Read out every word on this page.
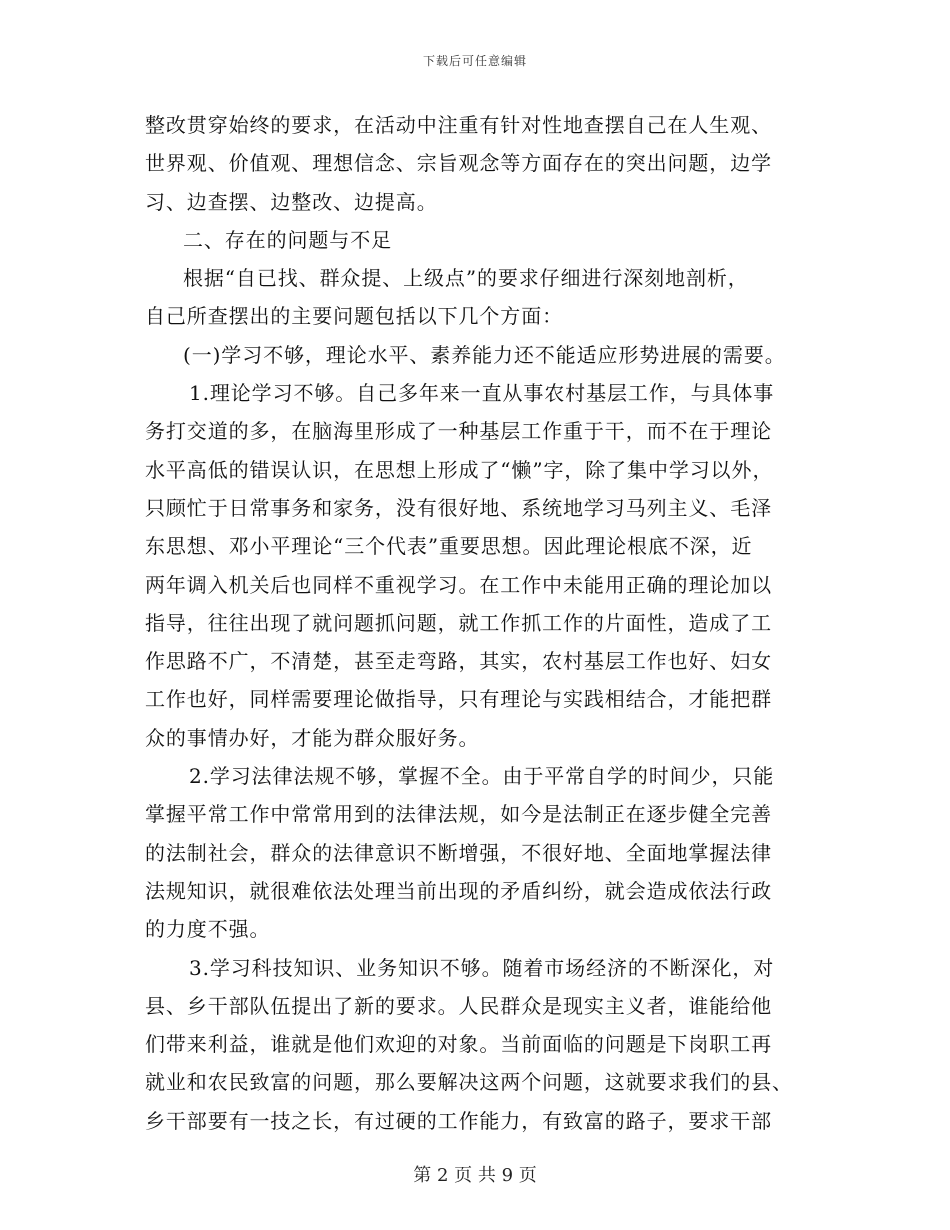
下载后可任意编辑
整改贯穿始终的要求，在活动中注重有针对性地查摆自己在人生观、
世界观、价值观、理想信念、宗旨观念等方面存在的突出问题，边学
习、边查摆、边整改、边提高。
二、存在的问题与不足
根据“自已找、群众提、上级点”的要求仔细进行深刻地剖析，
自己所查摆出的主要问题包括以下几个方面：
(一)学习不够，理论水平、素养能力还不能适应形势进展的需要。
1.理论学习不够。自己多年来一直从事农村基层工作，与具体事
务打交道的多，在脑海里形成了一种基层工作重于干，而不在于理论
水平高低的错误认识，在思想上形成了“懒”字，除了集中学习以外，
只顾忙于日常事务和家务，没有很好地、系统地学习马列主义、毛泽
东思想、邓小平理论“三个代表”重要思想。因此理论根底不深，近
两年调入机关后也同样不重视学习。在工作中未能用正确的理论加以
指导，往往出现了就问题抓问题，就工作抓工作的片面性，造成了工
作思路不广，不清楚，甚至走弯路，其实，农村基层工作也好、妇女
工作也好，同样需要理论做指导，只有理论与实践相结合，才能把群
众的事情办好，才能为群众服好务。
2.学习法律法规不够，掌握不全。由于平常自学的时间少，只能
掌握平常工作中常常用到的法律法规，如今是法制正在逐步健全完善
的法制社会，群众的法律意识不断增强，不很好地、全面地掌握法律
法规知识，就很难依法处理当前出现的矛盾纠纷，就会造成依法行政
的力度不强。
3.学习科技知识、业务知识不够。随着市场经济的不断深化，对
县、乡干部队伍提出了新的要求。人民群众是现实主义者，谁能给他
们带来利益，谁就是他们欢迎的对象。当前面临的问题是下岗职工再
就业和农民致富的问题，那么要解决这两个问题，这就要求我们的县、
乡干部要有一技之长，有过硬的工作能力，有致富的路子，要求干部
第 2 页 共 9 页
